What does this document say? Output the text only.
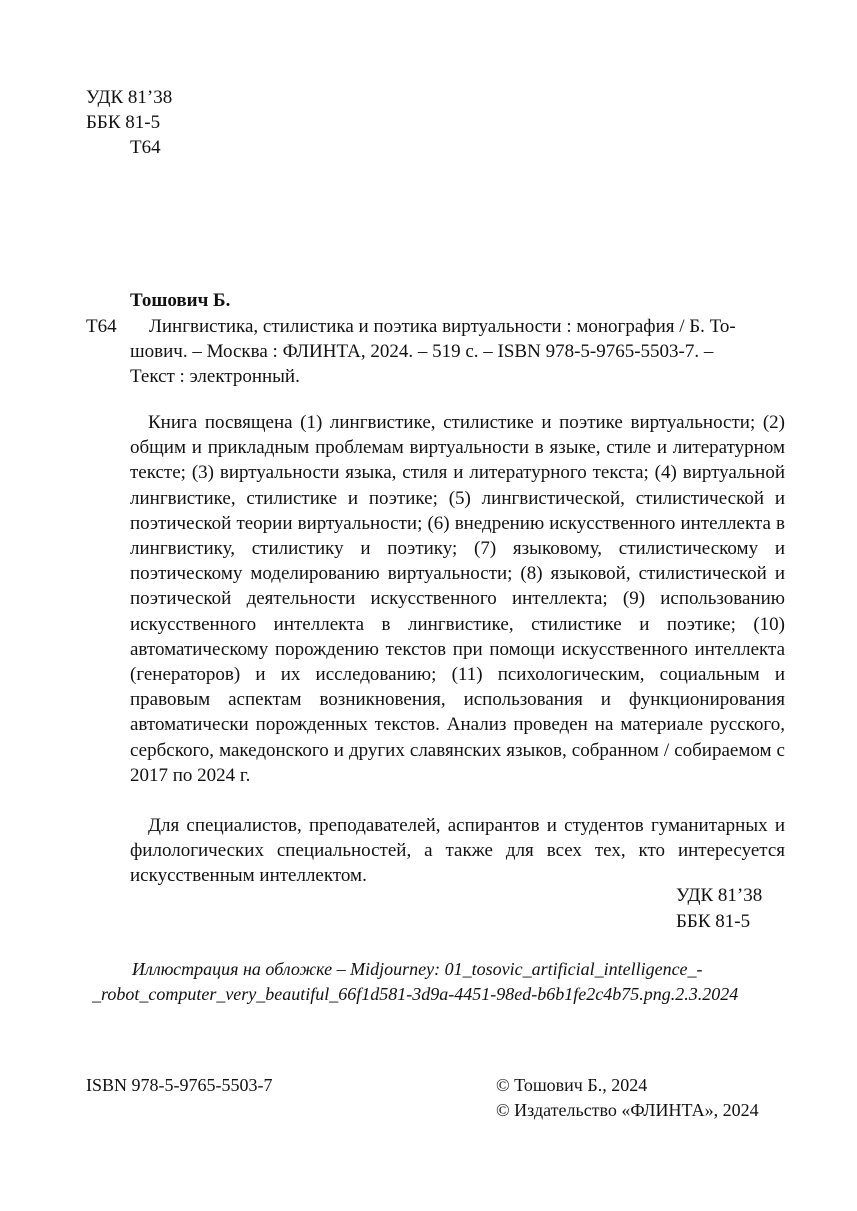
УДК 81’38
ББК 81-5
Т64
Тошович Б.
Т64 Лингвистика, стилистика и поэтика виртуальности : монография / Б. То-
шович. – Москва : ФЛИНТА, 2024. – 519 с. – ISBN 978-5-9765-5503-7. –
Текст : электронный.

Книга посвящена (1) лингвистике, стилистике и поэтике виртуальности; (2) общим и прикладным проблемам виртуальности в языке, стиле и литературном тексте; (3) виртуальности языка, стиля и литературного текста; (4) виртуальной лингвистике, стилистике и поэтике; (5) лингвистической, стилистической и поэтической теории виртуальности; (6) внедрению искусственного интеллекта в лингвистику, стилистику и поэтику; (7) языковому, стилистическому и поэтическому моделированию виртуальности; (8) языковой, стилистической и поэтической деятельности искусственного интеллекта; (9) использованию искусственного интеллекта в лингвистике, стилистике и поэтике; (10) автоматическому порождению текстов при помощи искусственного интеллекта (генераторов) и их исследованию; (11) психологическим, социальным и правовым аспектам возникновения, использования и функционирования автоматически порожденных текстов. Анализ проведен на материале русского, сербского, македонского и других славянских языков, собранном / собираемом с 2017 по 2024 г.

Для специалистов, преподавателей, аспирантов и студентов гуманитарных и филологических специальностей, а также для всех тех, кто интересуется искусственным интеллектом.

УДК 81’38
ББК 81-5
Иллюстрация на обложке – Midjourney: 01_tosovic_artificial_intelligence_-
_robot_computer_very_beautiful_66f1d581-3d9a-4451-98ed-b6b1fe2c4b75.png.2.3.2024
ISBN 978-5-9765-5503-7	© Тошович Б., 2024
© Издательство «ФЛИНТА», 2024
